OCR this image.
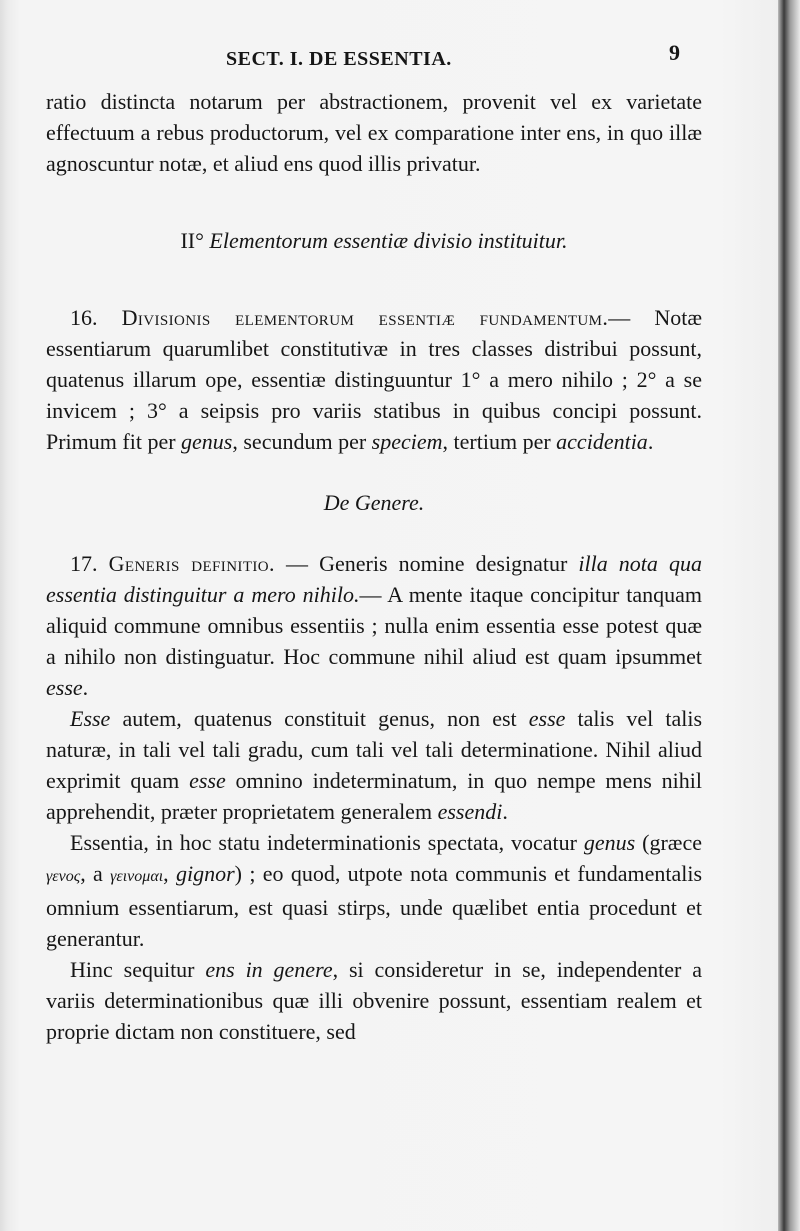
SECT. I. DE ESSENTIA.	9

ratio distincta notarum per abstractionem, provenit vel ex varietate effectuum a rebus productorum, vel ex comparatione inter ens, in quo illæ agnoscuntur notæ, et aliud ens quod illis privatur.

II° Elementorum essentiæ divisio instituitur.

16. Divisionis elementorum essentiæ fundamentum.— Notæ essentiarum quarumlibet constitutivæ in tres classes distribui possunt, quatenus illarum ope, essentiæ distinguuntur 1° a mero nihilo ; 2° a se invicem ; 3° a seipsis pro variis statibus in quibus concipi possunt. Primum fit per genus, secundum per speciem, tertium per accidentia.

De Genere.

17. Generis definitio. — Generis nomine designatur illa nota qua essentia distinguitur a mero nihilo.— A mente itaque concipitur tanquam aliquid commune omnibus essentiis ; nulla enim essentia esse potest quæ a nihilo non distinguatur. Hoc commune nihil aliud est quam ipsummet esse.

Esse autem, quatenus constituit genus, non est esse talis vel talis naturæ, in tali vel tali gradu, cum tali vel tali determinatione. Nihil aliud exprimit quam esse omnino indeterminatum, in quo nempe mens nihil apprehendit, præter proprietatem generalem essendi.

Essentia, in hoc statu indeterminationis spectata, vocatur genus (græce γενος, a γεινομαι, gignor) ; eo quod, utpote nota communis et fundamentalis omnium essentiarum, est quasi stirps, unde quælibet entia procedunt et generantur.

Hinc sequitur ens in genere, si consideretur in se, independenter a variis determinationibus quæ illi obvenire possunt, essentiam realem et proprie dictam non constituere, sed
